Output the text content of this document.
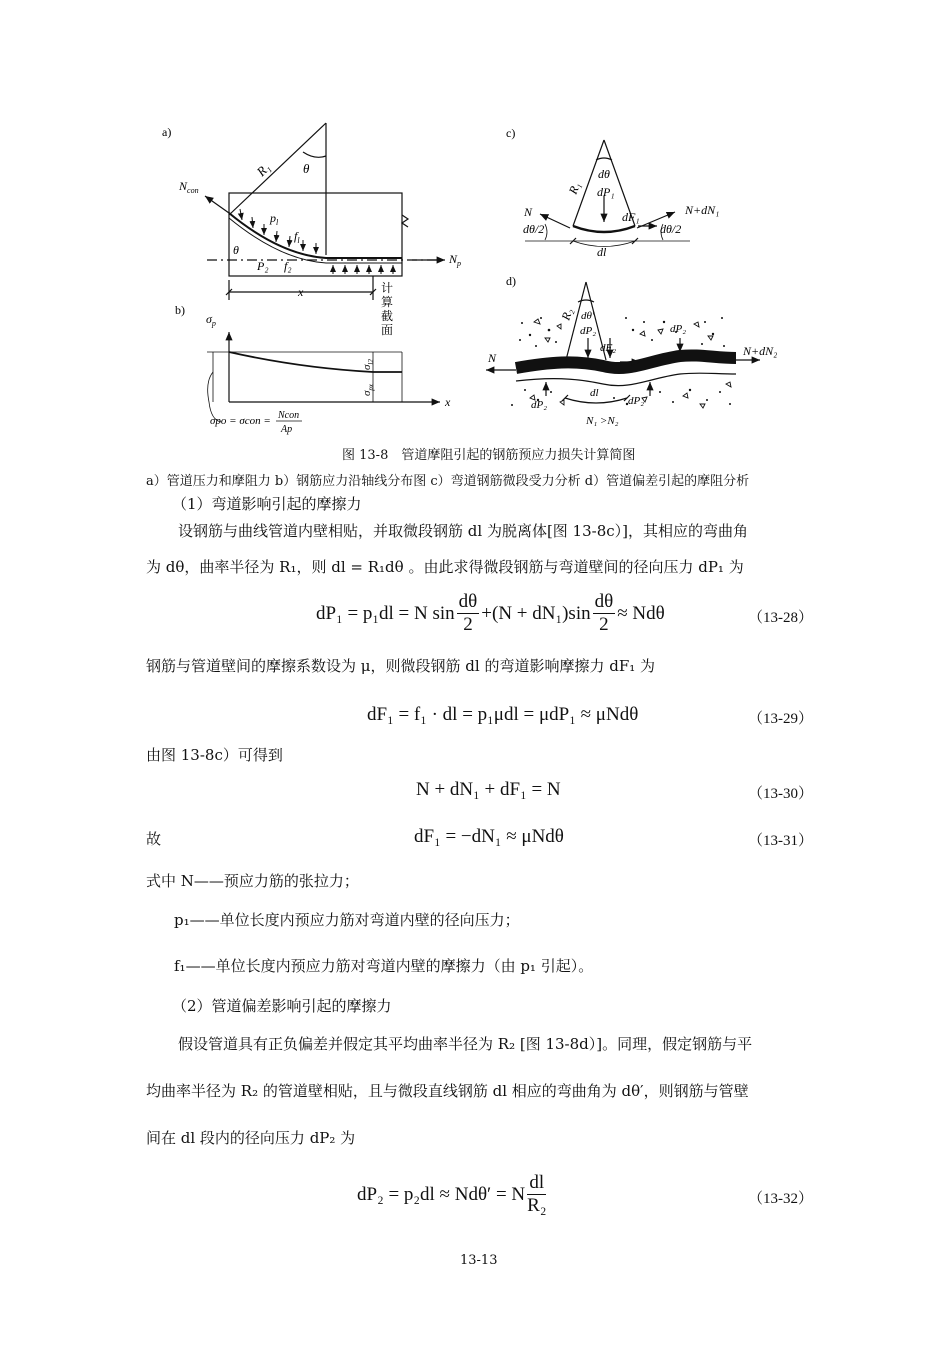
a)
R₁ θ
$N_{con}$
$p_l$
$f_l$
θ
P₂ f₂	$N_p$
x	计
算
截
面
b)
$\sigma_p$
$\sigma_{l2}$
$\sigma_{px}$
x
σpo = σcon = Ncon
Ap
c)
dθ
dP₁
R₁
N	dF₁	N+dN₁
dθ/2	dθ/2
dl
d)
R₂ dθ′
dP₂	dP₂
dF₂
N	N+dN₂
dl
dP₂	dP₂
N₁ >N₂
图 13-8　管道摩阻引起的钢筋预应力损失计算简图
a）管道压力和摩阻力 b）钢筋应力沿轴线分布图 c）弯道钢筋微段受力分析 d）管道偏差引起的摩阻分析
（1）弯道影响引起的摩擦力
设钢筋与曲线管道内壁相贴，并取微段钢筋 dl 为脱离体[图 13-8c）]，其相应的弯曲角
为 dθ，曲率半径为 R₁，则 dl = R₁dθ 。由此求得微段钢筋与弯道壁间的径向压力 dP₁ 为
dP₁ = p₁dl = N $\sin \frac{d\theta}{2} +(N + dN_1)\sin \frac{d\theta}{2} \approx Nd\theta$	（13-28）
钢筋与管道壁间的摩擦系数设为 μ，则微段钢筋 dl 的弯道影响摩擦力 dF₁ 为
dF₁ = f₁ · dl = p₁μdl = μdP₁ ≈ μNdθ	（13-29）
由图 13-8c）可得到
N + dN₁ + dF₁ = N	（13-30）
故	dF₁ = −dN₁ ≈ μNdθ	（13-31）
式中 N——预应力筋的张拉力；
p₁——单位长度内预应力筋对弯道内壁的径向压力；
f₁——单位长度内预应力筋对弯道内壁的摩擦力（由 p₁ 引起）。
（2）管道偏差影响引起的摩擦力
假设管道具有正负偏差并假定其平均曲率半径为 R₂ [图 13-8d）]。同理，假定钢筋与平
均曲率半径为 R₂ 的管道壁相贴，且与微段直线钢筋 dl 相应的弯曲角为 dθ′，则钢筋与管壁
间在 dl 段内的径向压力 dP₂ 为
dP₂ = p₂dl ≈ Ndθ′ = N $\frac{dl}{\text{R₂}}$	（13-32）
13-13
